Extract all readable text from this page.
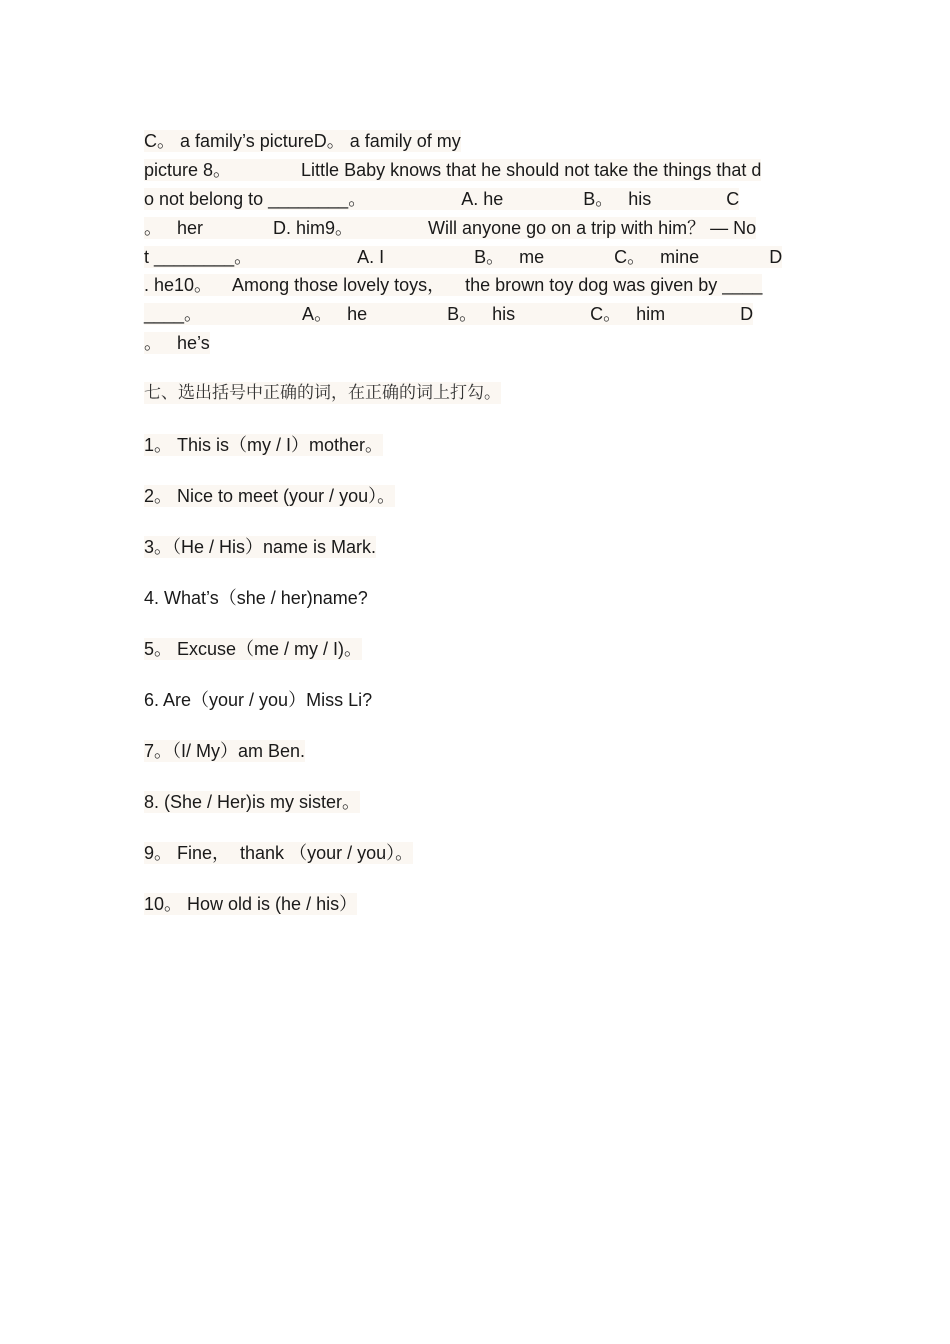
C。 a family’s pictureD。 a family of my
picture 8。              Little Baby knows that he should not take the things that d
o not belong to ________。                   A. he                B。   his               C
。   her              D. him9。               Will anyone go on a trip with him？ — No
t ________。                     A. I                  B。   me              C。   mine              D
. he10。    Among those lovely toys，    the brown toy dog was given by ____
____。                    A。   he                B。   his               C。   him               D
。   he’s
七、选出括号中正确的词，在正确的词上打勾。
1。 This is（my / I）mother。
2。 Nice to meet (your / you）。
3。（He / His）name is Mark.
4. What’s（she / her)name?
5。 Excuse（me / my / I)。
6. Are（your / you）Miss Li?
7。（I/ My）am Ben.
8. (She / Her)is my sister。
9。 Fine，  thank （your / you）。
10。 How old is (he / his）
